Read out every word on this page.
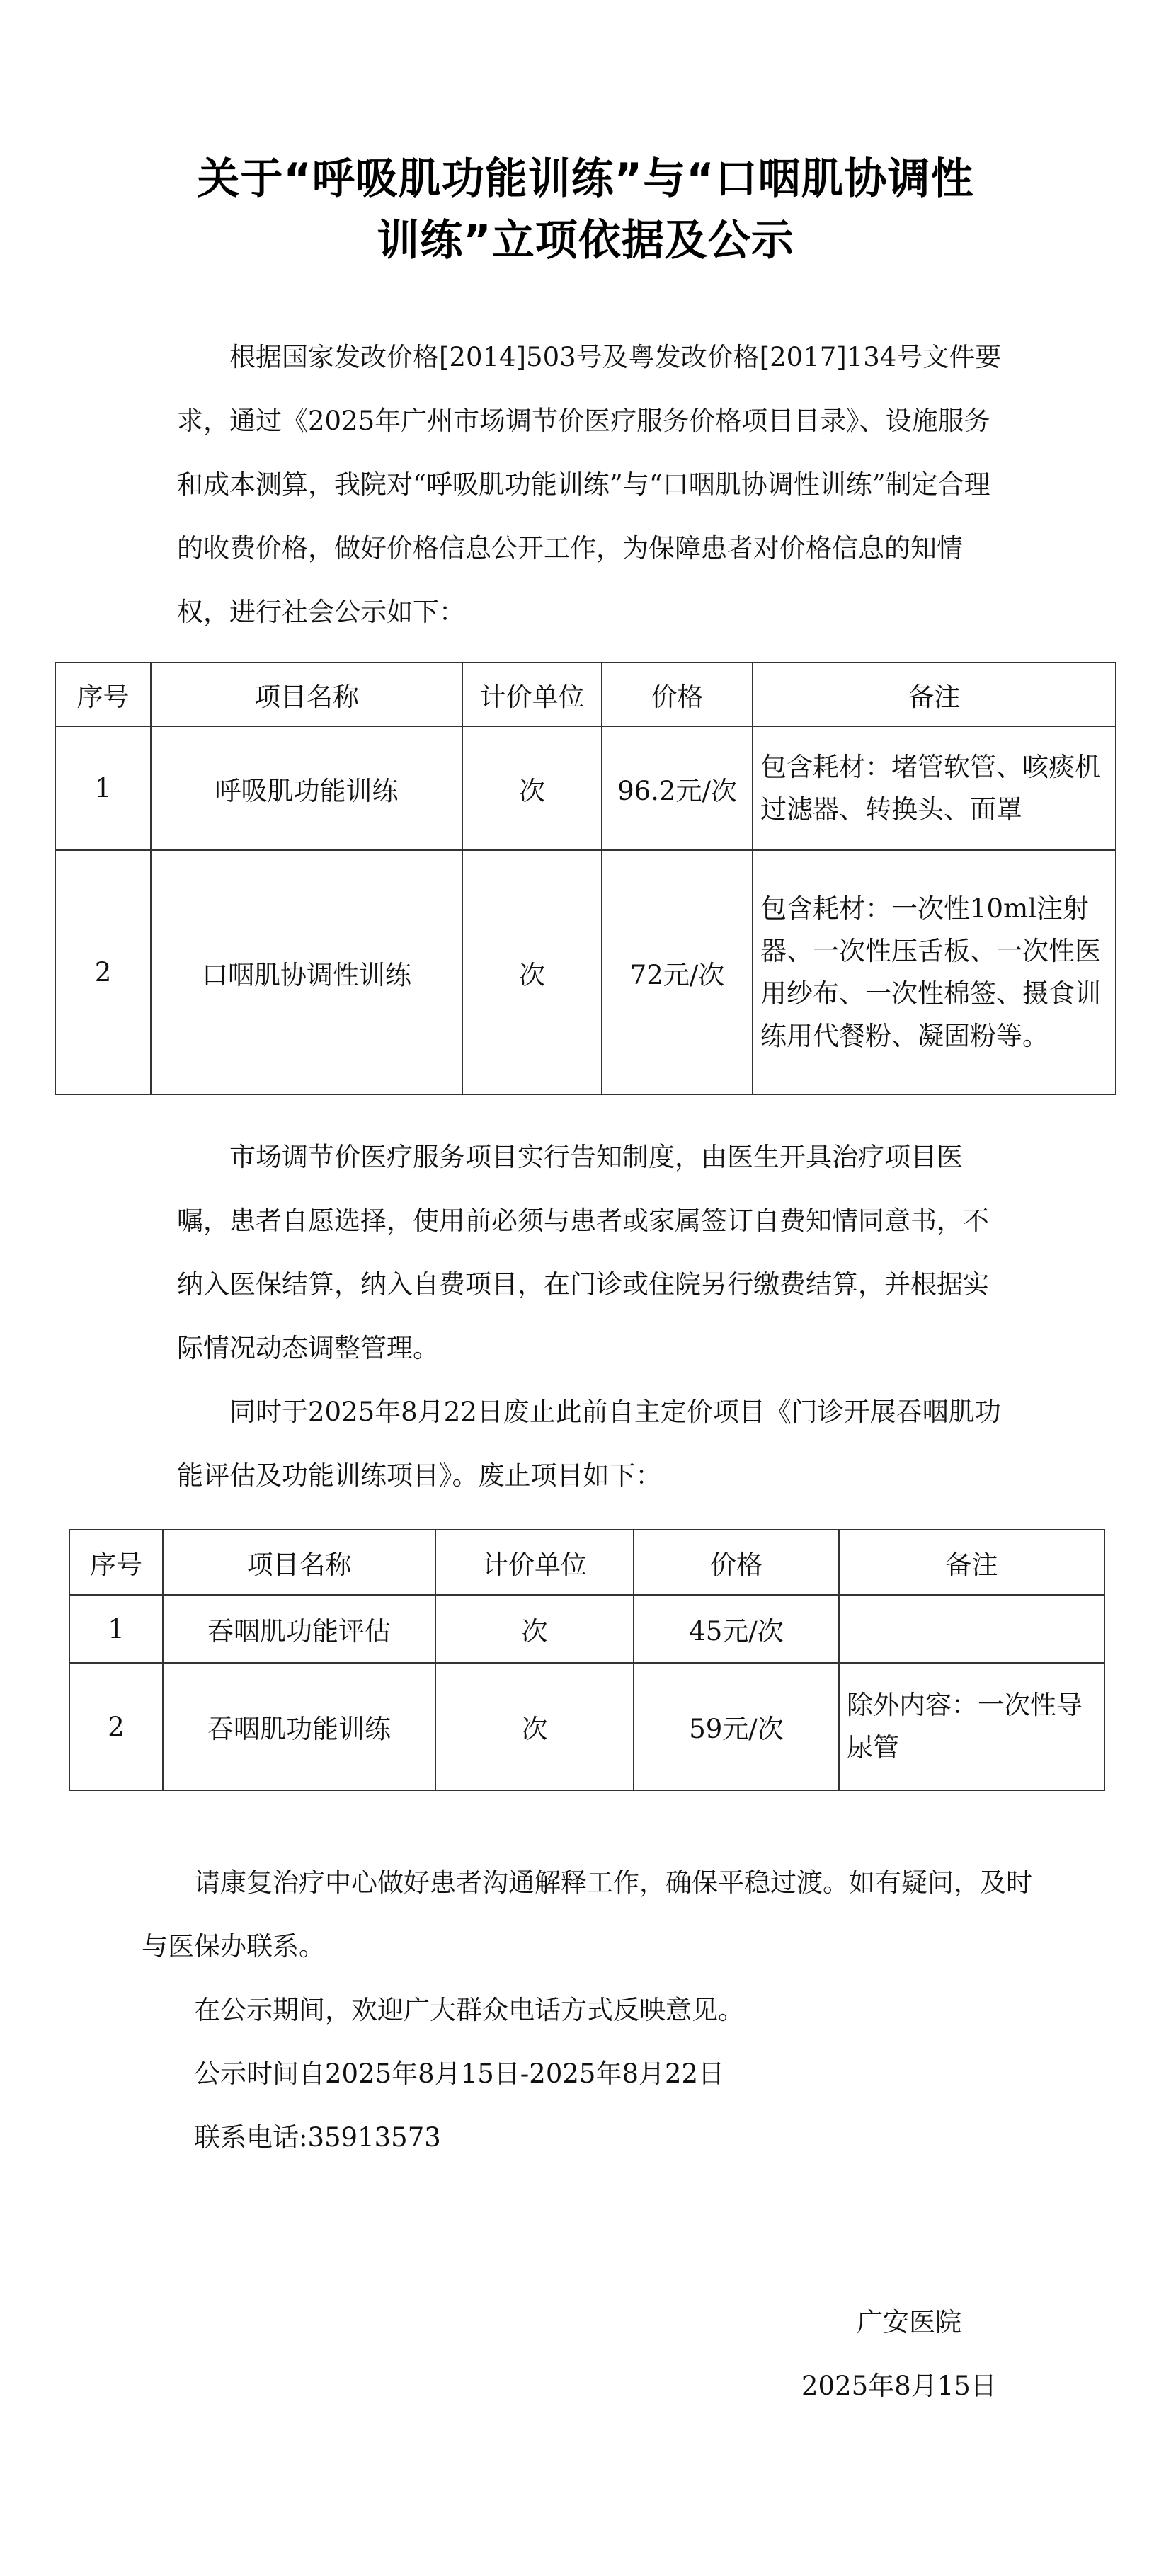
关于“呼吸肌功能训练”与“口咽肌协调性
训练”立项依据及公示

根据国家发改价格[2014]503号及粤发改价格[2017]134号文件要求，通过《2025年广州市场调节价医疗服务价格项目目录》、设施服务和成本测算，我院对“呼吸肌功能训练”与“口咽肌协调性训练”制定合理的收费价格，做好价格信息公开工作，为保障患者对价格信息的知情权，进行社会公示如下：

序号	项目名称	计价单位	价格	备注
1	呼吸肌功能训练	次	96.2元/次	包含耗材：堵管软管、咳痰机过滤器、转换头、面罩
2	口咽肌协调性训练	次	72元/次	包含耗材：一次性10ml注射器、一次性压舌板、一次性医用纱布、一次性棉签、摄食训练用代餐粉、凝固粉等。

市场调节价医疗服务项目实行告知制度，由医生开具治疗项目医嘱，患者自愿选择，使用前必须与患者或家属签订自费知情同意书，不纳入医保结算，纳入自费项目，在门诊或住院另行缴费结算，并根据实际情况动态调整管理。

同时于2025年8月22日废止此前自主定价项目《门诊开展吞咽肌功能评估及功能训练项目》。废止项目如下：

序号	项目名称	计价单位	价格	备注
1	吞咽肌功能评估	次	45元/次	
2	吞咽肌功能训练	次	59元/次	除外内容：一次性导尿管

请康复治疗中心做好患者沟通解释工作，确保平稳过渡。如有疑问，及时与医保办联系。

在公示期间，欢迎广大群众电话方式反映意见。

公示时间自2025年8月15日-2025年8月22日

联系电话:35913573

广安医院
2025年8月15日
